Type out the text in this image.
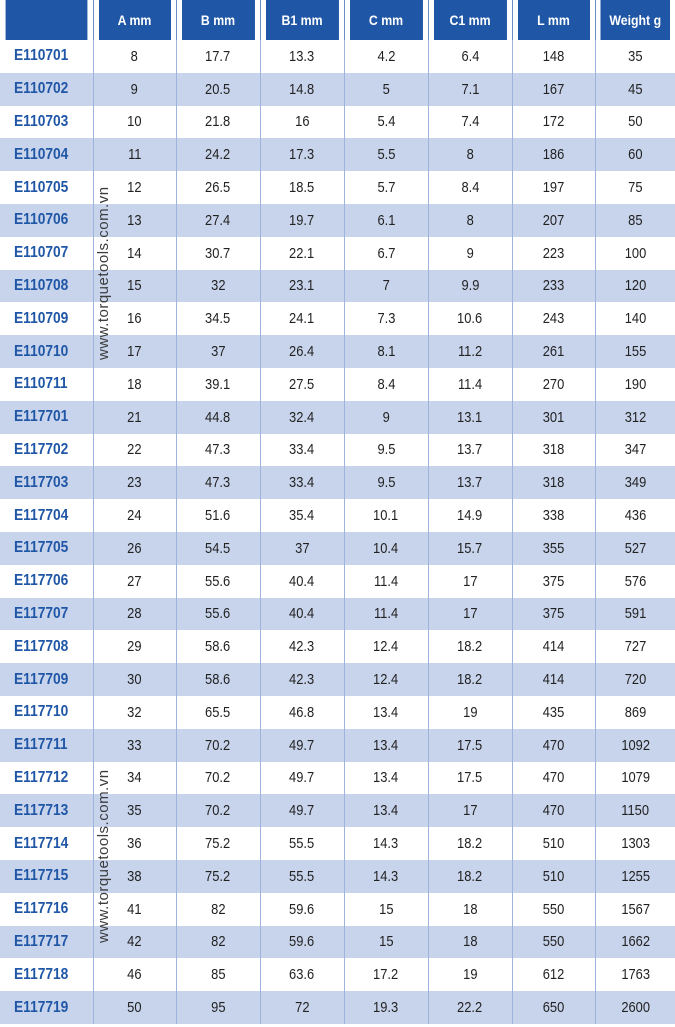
	A mm	B mm	B1 mm	C mm	C1 mm	L mm	Weight g
E110701	8	17.7	13.3	4.2	6.4	148	35
E110702	9	20.5	14.8	5	7.1	167	45
E110703	10	21.8	16	5.4	7.4	172	50
E110704	11	24.2	17.3	5.5	8	186	60
E110705	12	26.5	18.5	5.7	8.4	197	75
E110706	13	27.4	19.7	6.1	8	207	85
E110707	14	30.7	22.1	6.7	9	223	100
E110708	15	32	23.1	7	9.9	233	120
E110709	16	34.5	24.1	7.3	10.6	243	140
E110710	17	37	26.4	8.1	11.2	261	155
E110711	18	39.1	27.5	8.4	11.4	270	190
E117701	21	44.8	32.4	9	13.1	301	312
E117702	22	47.3	33.4	9.5	13.7	318	347
E117703	23	47.3	33.4	9.5	13.7	318	349
E117704	24	51.6	35.4	10.1	14.9	338	436
E117705	26	54.5	37	10.4	15.7	355	527
E117706	27	55.6	40.4	11.4	17	375	576
E117707	28	55.6	40.4	11.4	17	375	591
E117708	29	58.6	42.3	12.4	18.2	414	727
E117709	30	58.6	42.3	12.4	18.2	414	720
E117710	32	65.5	46.8	13.4	19	435	869
E117711	33	70.2	49.7	13.4	17.5	470	1092
E117712	34	70.2	49.7	13.4	17.5	470	1079
E117713	35	70.2	49.7	13.4	17	470	1150
E117714	36	75.2	55.5	14.3	18.2	510	1303
E117715	38	75.2	55.5	14.3	18.2	510	1255
E117716	41	82	59.6	15	18	550	1567
E117717	42	82	59.6	15	18	550	1662
E117718	46	85	63.6	17.2	19	612	1763
E117719	50	95	72	19.3	22.2	650	2600
www.torquetools.com.vn
www.torquetools.com.vn
